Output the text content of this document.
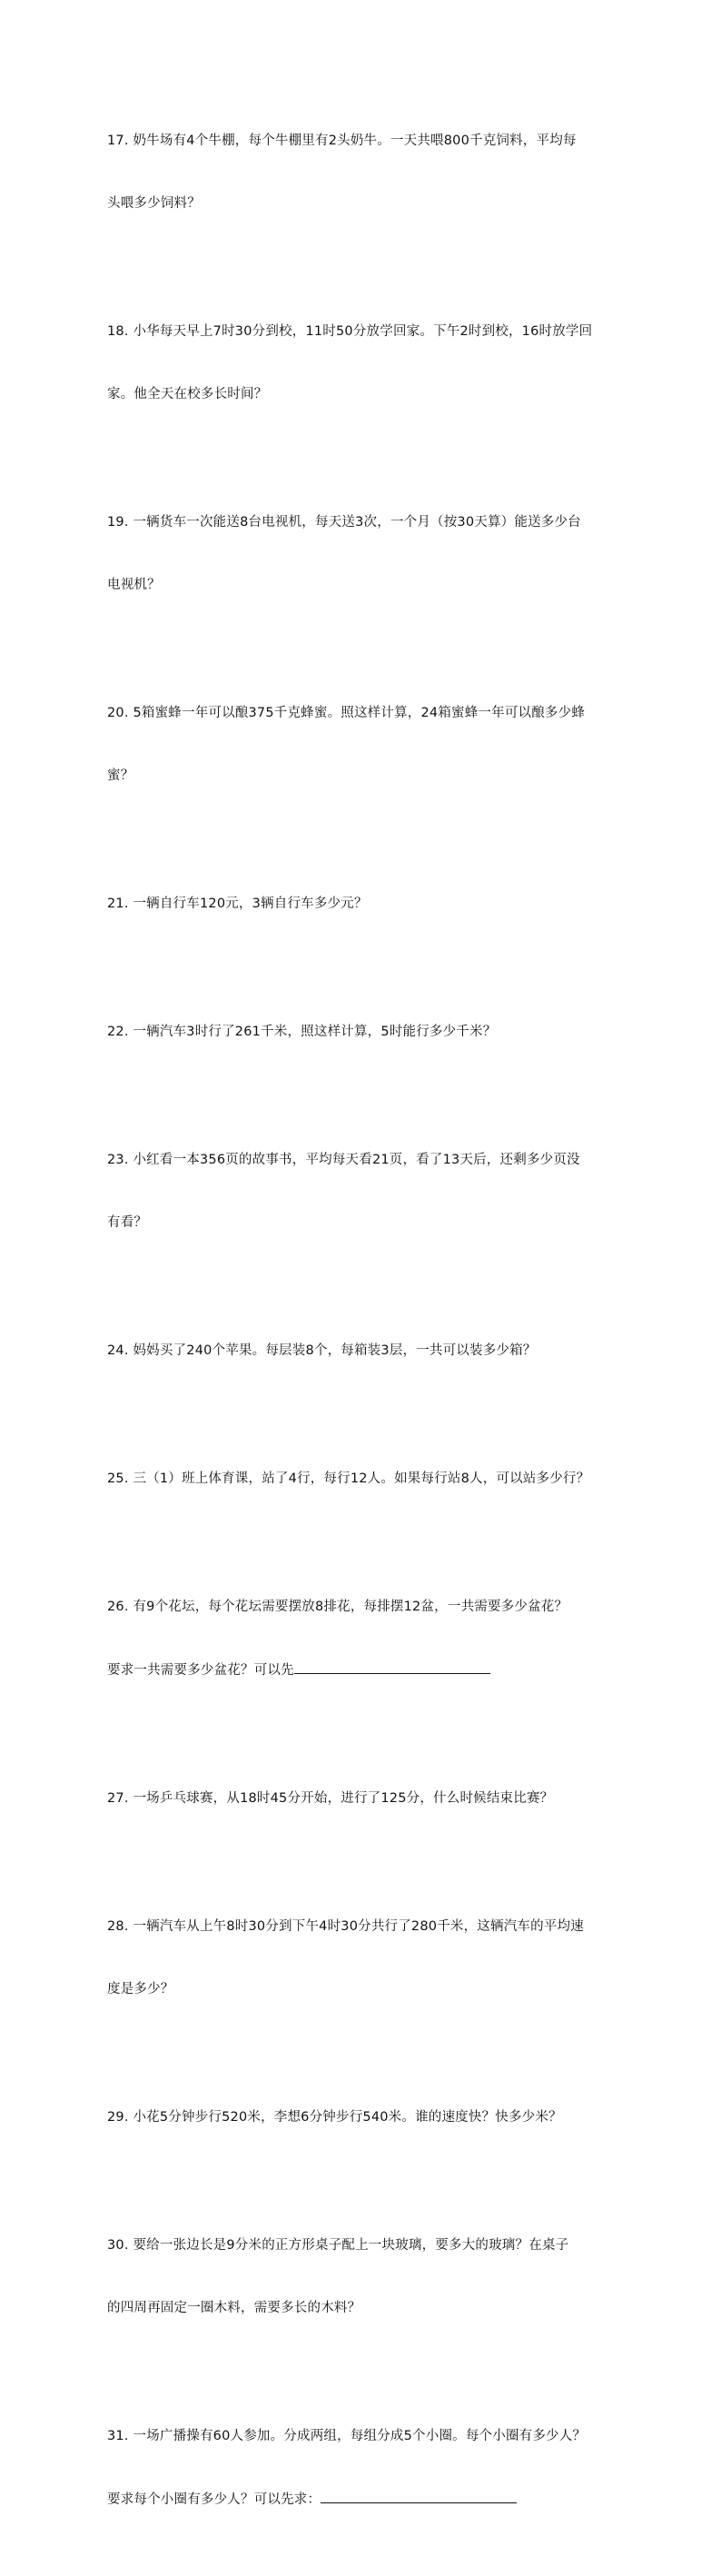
17. 奶牛场有4个牛棚，每个牛棚里有2头奶牛。一天共喂800千克饲料，平均每

头喂多少饲料？

18. 小华每天早上7时30分到校，11时50分放学回家。下午2时到校，16时放学回

家。他全天在校多长时间？

19. 一辆货车一次能送8台电视机，每天送3次，一个月（按30天算）能送多少台

电视机？

20. 5箱蜜蜂一年可以酿375千克蜂蜜。照这样计算，24箱蜜蜂一年可以酿多少蜂

蜜？

21. 一辆自行车120元，3辆自行车多少元？

22. 一辆汽车3时行了261千米，照这样计算，5时能行多少千米？

23. 小红看一本356页的故事书，平均每天看21页，看了13天后，还剩多少页没

有看？

24. 妈妈买了240个苹果。每层装8个，每箱装3层，一共可以装多少箱？

25. 三（1）班上体育课，站了4行，每行12人。如果每行站8人，可以站多少行？

26. 有9个花坛，每个花坛需要摆放8排花，每排摆12盆，一共需要多少盆花？

要求一共需要多少盆花？可以先

27. 一场乒乓球赛，从18时45分开始，进行了125分，什么时候结束比赛？

28. 一辆汽车从上午8时30分到下午4时30分共行了280千米，这辆汽车的平均速

度是多少？

29. 小花5分钟步行520米，李想6分钟步行540米。谁的速度快？快多少米？

30. 要给一张边长是9分米的正方形桌子配上一块玻璃，要多大的玻璃？在桌子

的四周再固定一圈木料，需要多长的木料？

31. 一场广播操有60人参加。分成两组，每组分成5个小圈。每个小圈有多少人？

要求每个小圈有多少人？可以先求：
